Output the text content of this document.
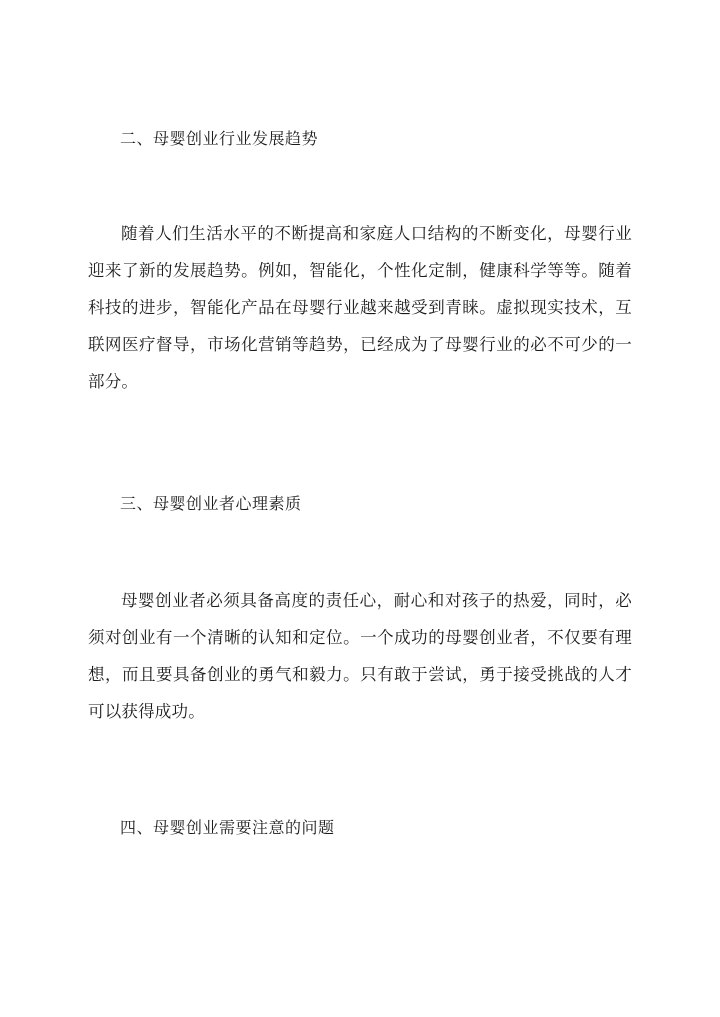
二、母婴创业行业发展趋势
随着人们生活水平的不断提高和家庭人口结构的不断变化，母婴行业迎来了新的发展趋势。例如，智能化，个性化定制，健康科学等等。随着科技的进步，智能化产品在母婴行业越来越受到青睐。虚拟现实技术，互联网医疗督导，市场化营销等趋势，已经成为了母婴行业的必不可少的一部分。
三、母婴创业者心理素质
母婴创业者必须具备高度的责任心，耐心和对孩子的热爱，同时，必须对创业有一个清晰的认知和定位。一个成功的母婴创业者，不仅要有理想，而且要具备创业的勇气和毅力。只有敢于尝试，勇于接受挑战的人才可以获得成功。
四、母婴创业需要注意的问题
